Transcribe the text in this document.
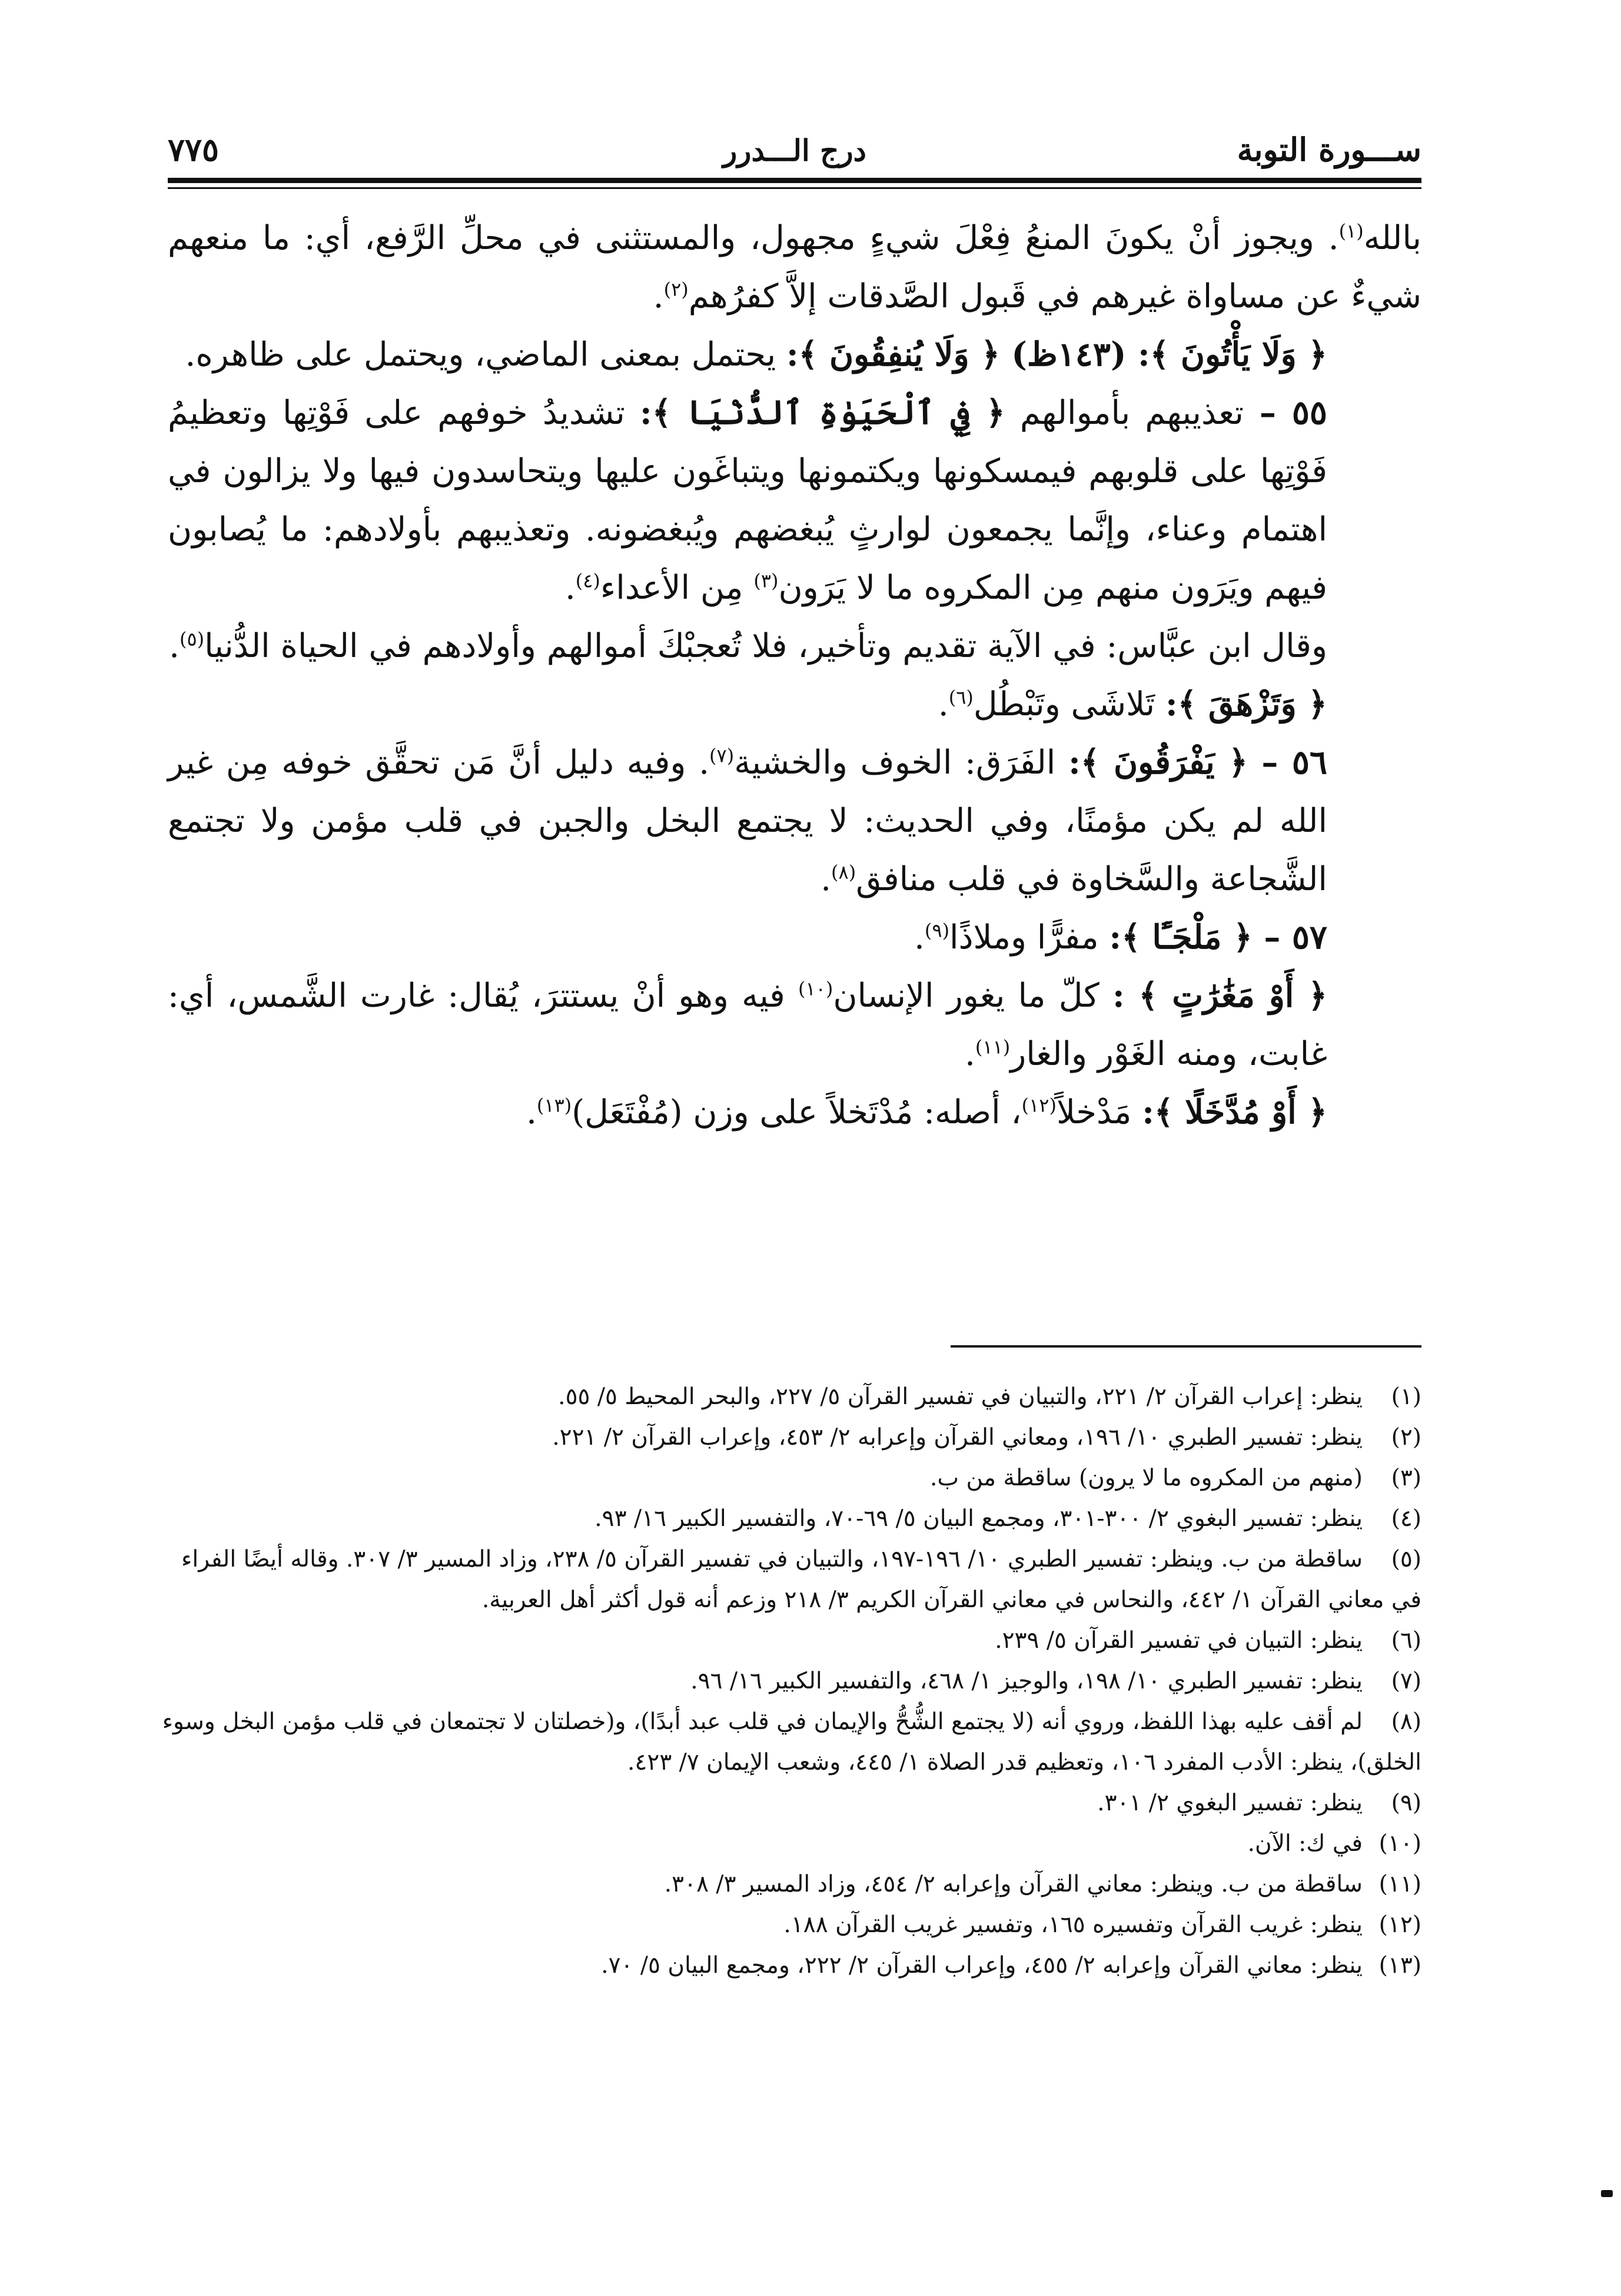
ســـورة التوبة
درج الـــدرر
٧٧٥

بالله$^{(١)}$. ويجوز أنْ يكونَ المنعُ فِعْلَ شيءٍ مجهول، والمستثنى في محلِّ الرَّفع، أي: ما منعهم شيءٌ عن مساواة غيرهم في قَبول الصَّدقات إلاَّ كفرُهم$^{(٢)}$.

﴿ وَلَا يَأْتُونَ ﴾: (١٤٣ظ) ﴿ وَلَا يُنفِقُونَ ﴾: يحتمل بمعنى الماضي، ويحتمل على ظاهره.

٥٥ – تعذيبهم بأموالهم ﴿ فِي ٱلْحَيَوٰةِ ٱلدُّنْيَا ﴾: تشديدُ خوفهم على فَوْتِها وتعظيمُ فَوْتِها على قلوبهم فيمسكونها ويكتمونها ويتباغَون عليها ويتحاسدون فيها ولا يزالون في اهتمام وعناء، وإنَّما يجمعون لوارثٍ يُبغضهم ويُبغضونه. وتعذيبهم بأولادهم: ما يُصابون فيهم ويَرَون منهم مِن المكروه ما لا يَرَون$^{(٣)}$ مِن الأعداء$^{(٤)}$.

وقال ابن عبَّاس: في الآية تقديم وتأخير، فلا تُعجبْكَ أموالهم وأولادهم في الحياة الدُّنيا$^{(٥)}$.

﴿ وَتَزْهَقَ ﴾: تَلاشَى وتَبْطُل$^{(٦)}$.

٥٦ – ﴿ يَفْرَقُونَ ﴾: الفَرَق: الخوف والخشية$^{(٧)}$. وفيه دليل أنَّ مَن تحقَّق خوفه مِن غير الله لم يكن مؤمنًا، وفي الحديث: لا يجتمع البخل والجبن في قلب مؤمن ولا تجتمع الشَّجاعة والسَّخاوة في قلب منافق$^{(٨)}$.

٥٧ – ﴿ مَلْجَـًٔا ﴾: مفرًّا وملاذًا$^{(٩)}$.

﴿ أَوْ مَغَٰرَٰتٍ ﴾ : كلّ ما يغور الإنسان$^{(١٠)}$ فيه وهو أنْ يستترَ، يُقال: غارت الشَّمس، أي: غابت، ومنه الغَوْر والغار$^{(١١)}$.

﴿ أَوْ مُدَّخَلًا ﴾: مَدْخلاً$^{(١٢)}$، أصله: مُدْتَخلاً على وزن (مُفْتَعَل)$^{(١٣)}$.

(١)ينظر: إعراب القرآن ٢/ ٢٢١، والتبيان في تفسير القرآن ٥/ ٢٢٧، والبحر المحيط ٥/ ٥٥.

(٢)ينظر: تفسير الطبري ١٠/ ١٩٦، ومعاني القرآن وإعرابه ٢/ ٤٥٣، وإعراب القرآن ٢/ ٢٢١.

(٣)(منهم من المكروه ما لا يرون) ساقطة من ب.

(٤)ينظر: تفسير البغوي ٢/ ٣٠٠-٣٠١، ومجمع البيان ٥/ ٦٩-٧٠، والتفسير الكبير ١٦/ ٩٣.

(٥)ساقطة من ب. وينظر: تفسير الطبري ١٠/ ١٩٦-١٩٧، والتبيان في تفسير القرآن ٥/ ٢٣٨، وزاد المسير ٣/ ٣٠٧. وقاله أيضًا الفراء في معاني القرآن ١/ ٤٤٢، والنحاس في معاني القرآن الكريم ٣/ ٢١٨ وزعم أنه قول أكثر أهل العربية.

(٦)ينظر: التبيان في تفسير القرآن ٥/ ٢٣٩.

(٧)ينظر: تفسير الطبري ١٠/ ١٩٨، والوجيز ١/ ٤٦٨، والتفسير الكبير ١٦/ ٩٦.

(٨)لم أقف عليه بهذا اللفظ، وروي أنه (لا يجتمع الشُّحُّ والإيمان في قلب عبد أبدًا)، و(خصلتان لا تجتمعان في قلب مؤمن البخل وسوء الخلق)، ينظر: الأدب المفرد ١٠٦، وتعظيم قدر الصلاة ١/ ٤٤٥، وشعب الإيمان ٧/ ٤٢٣.

(٩)ينظر: تفسير البغوي ٢/ ٣٠١.

(١٠)في ك: الآن.

(١١)ساقطة من ب. وينظر: معاني القرآن وإعرابه ٢/ ٤٥٤، وزاد المسير ٣/ ٣٠٨.

(١٢)ينظر: غريب القرآن وتفسيره ١٦٥، وتفسير غريب القرآن ١٨٨.

(١٣)ينظر: معاني القرآن وإعرابه ٢/ ٤٥٥، وإعراب القرآن ٢/ ٢٢٢، ومجمع البيان ٥/ ٧٠.
